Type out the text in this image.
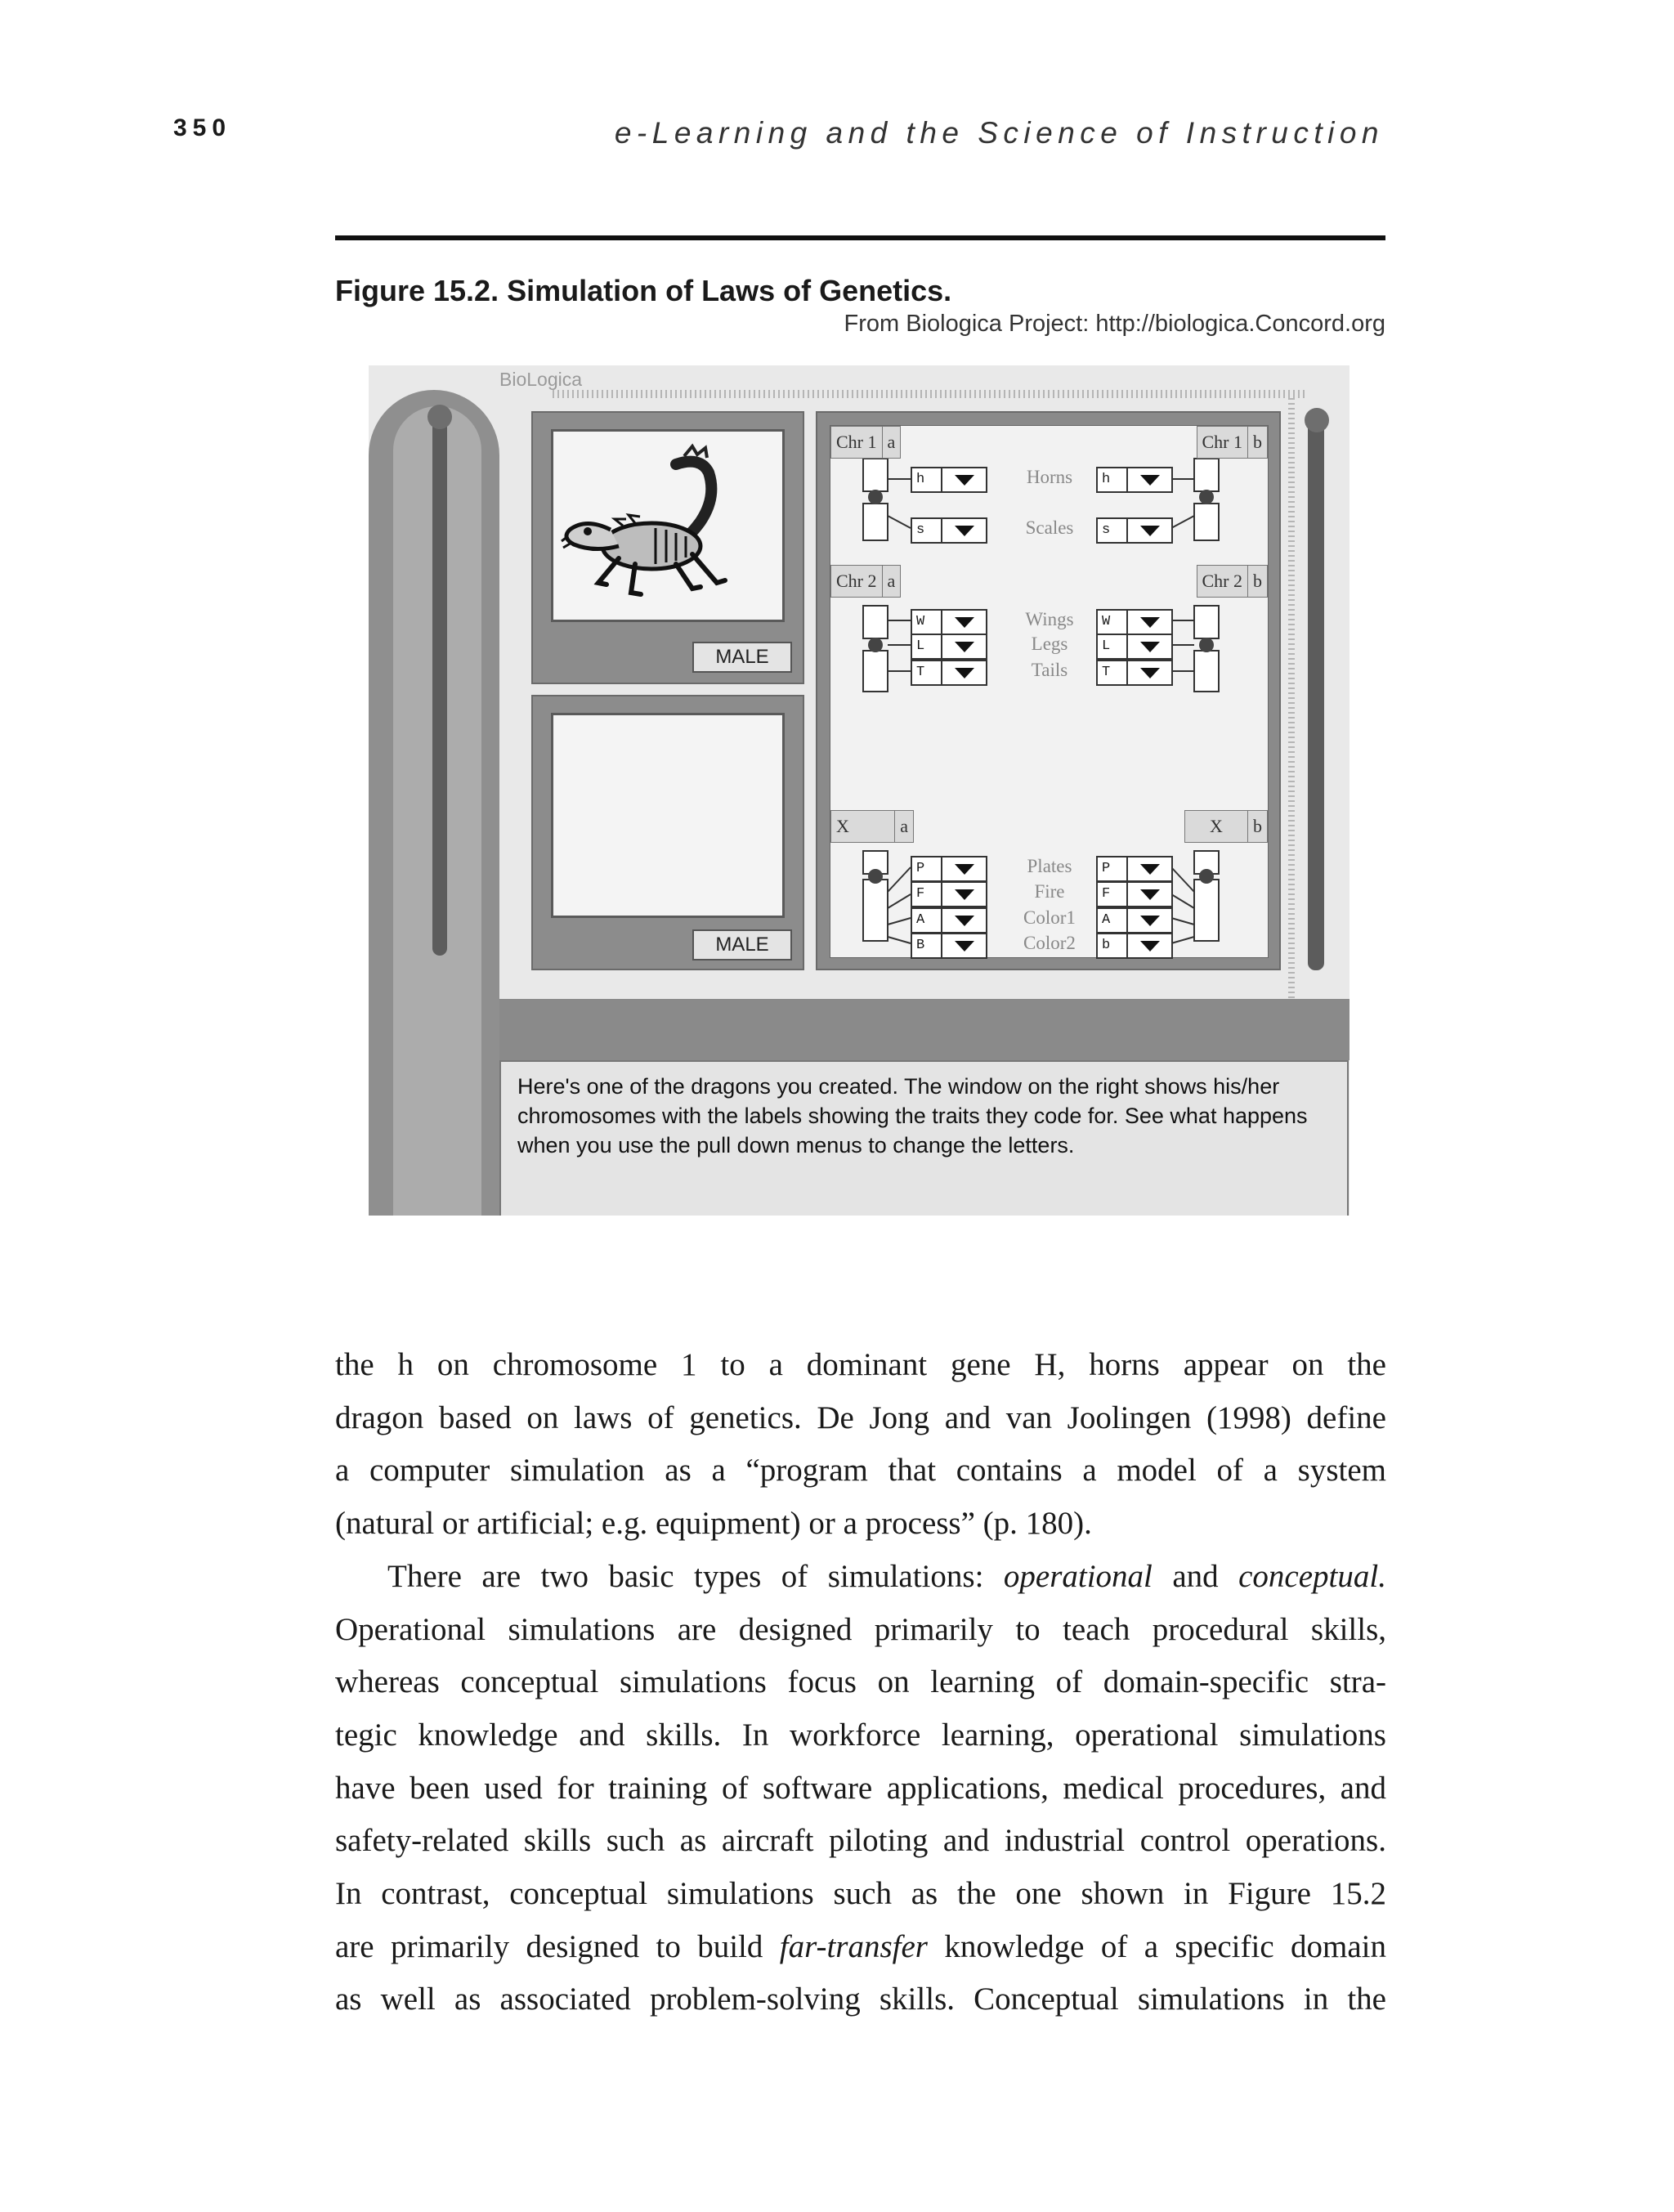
350	e-Learning and the Science of Instruction
Figure 15.2. Simulation of Laws of Genetics.
From Biologica Project: http://biologica.Concord.org
BioLogica
MALE
MALE
Chr 1 a	Chr 1 b
h	Horns	h
s	Scales	s
Chr 2 a	Chr 2 b
W	Wings	W
L	Legs	L
T	Tails	T
X	a	X	b
P	Plates	P
F	Fire	F
A	Color1	A
B	Color2	b
Here's one of the dragons you created. The window on the right shows his/her chromosomes with the labels showing the traits they code for. See what happens when you use the pull down menus to change the letters.

the h on chromosome 1 to a dominant gene H, horns appear on the

dragon based on laws of genetics. De Jong and van Joolingen (1998) define

a computer simulation as a “program that contains a model of a system

(natural or artificial; e.g. equipment) or a process” (p. 180).

There are two basic types of simulations: operational and conceptual.

Operational simulations are designed primarily to teach procedural skills,

whereas conceptual simulations focus on learning of domain-specific stra-

tegic knowledge and skills. In workforce learning, operational simulations

have been used for training of software applications, medical procedures, and

safety-related skills such as aircraft piloting and industrial control operations.

In contrast, conceptual simulations such as the one shown in Figure 15.2

are primarily designed to build far-transfer knowledge of a specific domain

as well as associated problem-solving skills. Conceptual simulations in the
